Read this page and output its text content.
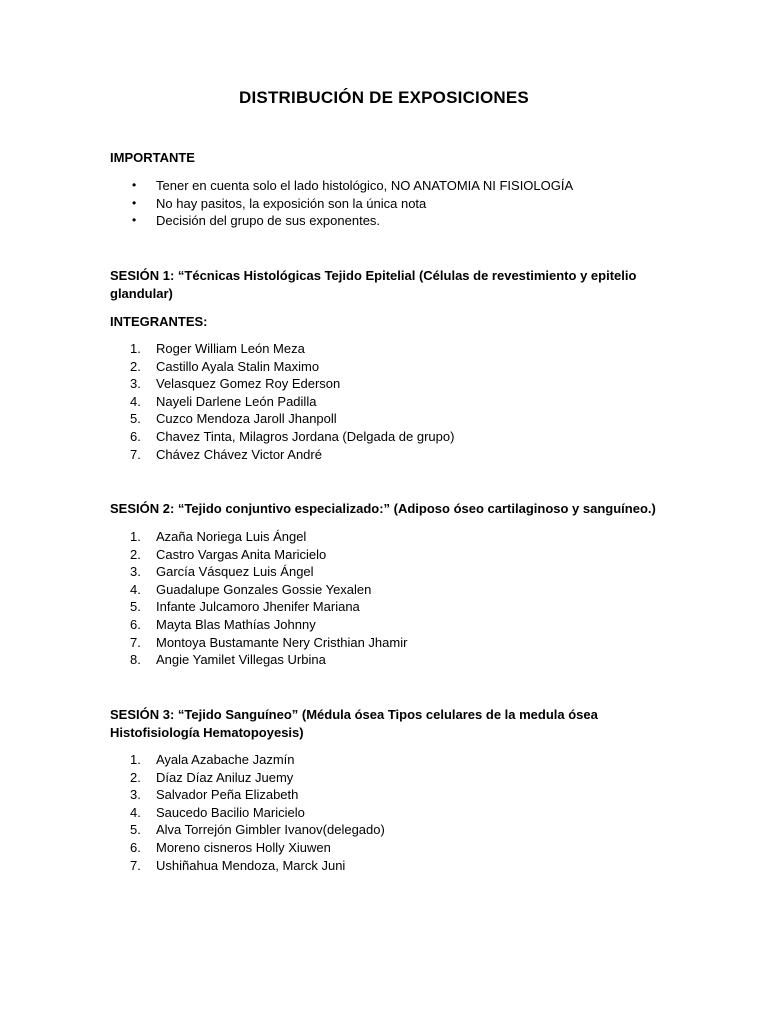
DISTRIBUCIÓN DE EXPOSICIONES
IMPORTANTE
•	Tener en cuenta solo el lado histológico, NO ANATOMIA NI FISIOLOGÍA
•	No hay pasitos, la exposición son la única nota
•	Decisión del grupo de sus exponentes.
SESIÓN 1: “Técnicas Histológicas Tejido Epitelial (Células de revestimiento y epitelio glandular)
INTEGRANTES:
1.	Roger William León Meza
2.	Castillo Ayala Stalin Maximo
3.	Velasquez Gomez Roy Ederson
4.	Nayeli Darlene León Padilla
5.	Cuzco Mendoza Jaroll Jhanpoll
6.	Chavez Tinta, Milagros Jordana (Delgada de grupo)
7.	Chávez Chávez Victor André
SESIÓN 2: “Tejido conjuntivo especializado:” (Adiposo óseo cartilaginoso y sanguíneo.)
1.	Azaña Noriega Luis Ángel
2.	Castro Vargas Anita Maricielo
3.	García Vásquez Luis Ángel
4.	Guadalupe Gonzales Gossie Yexalen
5.	Infante Julcamoro Jhenifer Mariana
6.	Mayta Blas Mathías Johnny
7.	Montoya Bustamante Nery Cristhian Jhamir
8.	Angie Yamilet Villegas Urbina
SESIÓN 3: “Tejido Sanguíneo” (Médula ósea Tipos celulares de la medula ósea Histofisiología Hematopoyesis)
1.	Ayala Azabache Jazmín
2.	Díaz Díaz Aniluz Juemy
3.	Salvador Peña Elizabeth
4.	Saucedo Bacilio Maricielo
5.	Alva Torrejón Gimbler Ivanov(delegado)
6.	Moreno cisneros Holly Xiuwen
7.	Ushiñahua Mendoza, Marck Juni
